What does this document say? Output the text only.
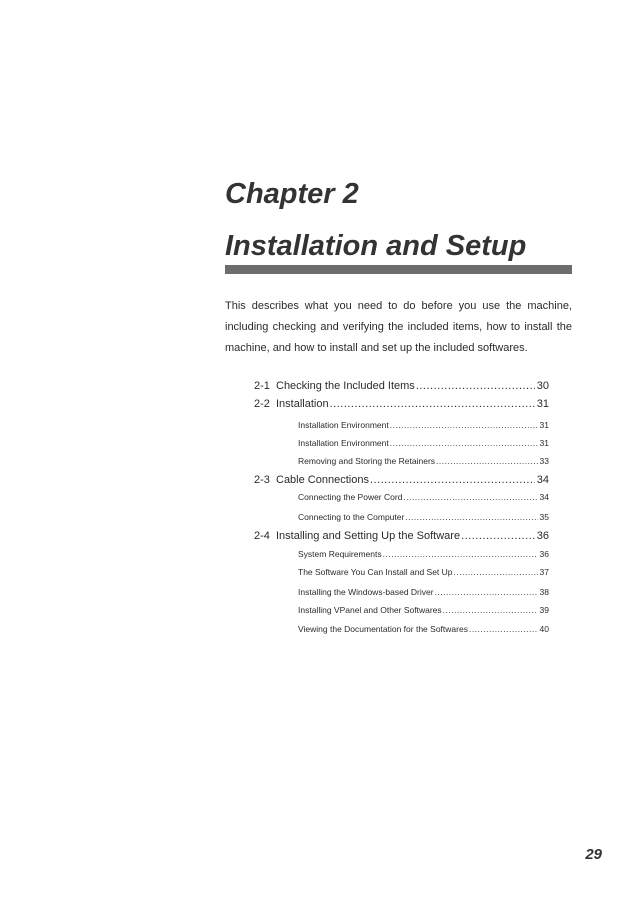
Chapter 2
Installation and Setup

This describes what you need to do before you use the machine, including checking and verifying the included items, how to install the machine, and how to install and set up the included softwares.

2-1 Checking the Included Items .....	30
2-2 Installation .....	31
Installation Environment .....	31
Installation Environment .....	31
Removing and Storing the Retainers .....	33
2-3 Cable Connections .....	34
Connecting the Power Cord .....	34
Connecting to the Computer .....	35
2-4 Installing and Setting Up the Software .....	36
System Requirements .....	36
The Software You Can Install and Set Up .....	37
Installing the Windows-based Driver .....	38
Installing VPanel and Other Softwares .....	39
Viewing the Documentation for the Softwares .....	40
29
